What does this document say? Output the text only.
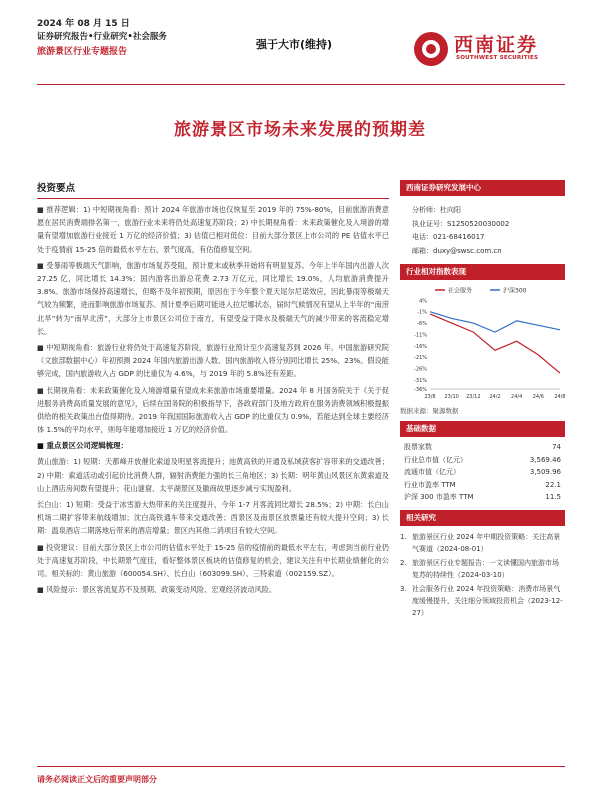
2024 年 08 月 15 日
证券研究报告•行业研究•社会服务
旅游景区行业专题报告
强于大市(维持)	西南证券
SOUTHWEST SECURITIES
旅游景区市场未来发展的预期差
投资要点
■ 推荐逻辑：1) 中短期视角看：预计 2024 年旅游市场也仅恢复至 2019 年的 75%-80%，目前旅游消费意愿在居民消费端排名第一，旅游行业未来将仍处高速复苏阶段；2) 中长期视角看：未来政策催化及入境游的增量有望增加旅游行业接近 1 万亿的经济价值；3) 估值已相对低位：目前大部分景区上市公司的 PE 估值水平已处于疫情前 15-25 倍的最低水平左右，景气度高，有估值修复空间。
■ 受暴雨等极端天气影响，旅游市场复苏受阻，预计夏末或秋季开始将有明显复苏。今年上半年国内出游人次 27.25 亿，同比增长 14.3%；国内游客出游总花费 2.73 万亿元，同比增长 19.0%，人均旅游消费提升 3.8%。旅游市场保持高速增长，但略不及年初预期，原因在于今年整个夏天尾尔尼诺效应，因此暴雨等极端天气较为频繁，进而影响旅游市场复苏。预计夏季后期可能进入拉尼娜状态，届时气候情况有望从上半年的“南涝北旱”转为“南旱北涝”，大部分上市景区公司位于南方，有望受益于降水及极端天气的减少带来的客流稳定增长。
■ 中短期视角看：旅游行业将仍处于高速复苏阶段，旅游行业预计至少高速复苏到 2026 年。中国旅游研究院（文旅部数据中心）年初预测 2024 年国内旅游出游人数、国内旅游收入将分别同比增长 25%、23%。假设能够完成，国内旅游收入占 GDP 的比重仅为 4.6%，与 2019 年的 5.8%还有差距。
■ 长期视角看：未来政策催化及入境游增量有望成未来旅游市场重要增量。2024 年 8 月国务院关于《关于促进服务消费高质量发展的意见》，后续在国务院的积极指导下，各政府部门及地方政府在服务消费领域积极提振供给的相关政策出台值得期待。2019 年我国国际旅游收入占 GDP 的比重仅为 0.9%，若能达到全球主要经济体 1.5%的平均水平，则每年能增加接近 1 万亿的经济价值。
■ 重点景区公司逻辑梳理：
黄山旅游：1) 短期：天都峰开放催化索道及明星客流提升；池黄高铁的开通及私域获客扩容带来的交通改善；2) 中期：索道活动或引起价比消费人群，辐射消费能力强的长三角地区；3) 长期：明年黄山风景区东黄索道及山上酒店房间数有望提升；花山谜窟、太平湖景区及徽商故里逐步减亏实现盈利。
长白山：1) 短期：受益于冰雪游大热带来的关注度提升，今年 1-7 月客流同比增长 28.5%；2) 中期：长白山机场二期扩容带来航线增加；沈白高铁通车带来交通改善；西景区及南景区放票量还有较大提升空间；3) 长期：温泉酒店二期落地后带来的酒店增量；景区内其他二消项目有较大空间。
■ 投资建议：目前大部分景区上市公司的估值水平处于 15-25 倍的疫情前的最低水平左右，考虑到当前行业仍处于高速复苏阶段，中长期景气度佳，看好整体景区板块的估值修复的机会，建议关注有中长期业绩催化的公司。相关标的：黄山旅游（600054.SH）、长白山（603099.SH）、三特索道（002159.SZ）。
■ 风险提示：景区客流复苏不及预期、政策变动风险、宏观经济波动风险。
西南证券研究发展中心
分析师：杜向阳
执业证号：S1250520030002
电话：021-68416017
邮箱：duxy@swsc.com.cn
行业相对指数表现
社会服务	沪深300
4%
-1%
-6%
-11%
-16%
-21%
-26%
-31%
-36%
23/8 23/10 23/12 24/2 24/4 24/6 24/8
数据来源：聚源数据
基础数据
股票家数	74
行业总市值（亿元）	3,569.46
流通市值（亿元）	3,509.96
行业市盈率 TTM	22.1
沪深 300 市盈率 TTM	11.5
相关研究
1. 旅游景区行业 2024 年中期投资策略：关注高景气赛道（2024-08-01）
2. 旅游景区行业专题报告：一文读懂国内旅游市场复苏的持续性（2024-03-10）
3. 社会服务行业 2024 年投资策略：消费市场景气度缓慢提升，关注细分领域投资机会（2023-12-27）
请务必阅读正文后的重要声明部分
